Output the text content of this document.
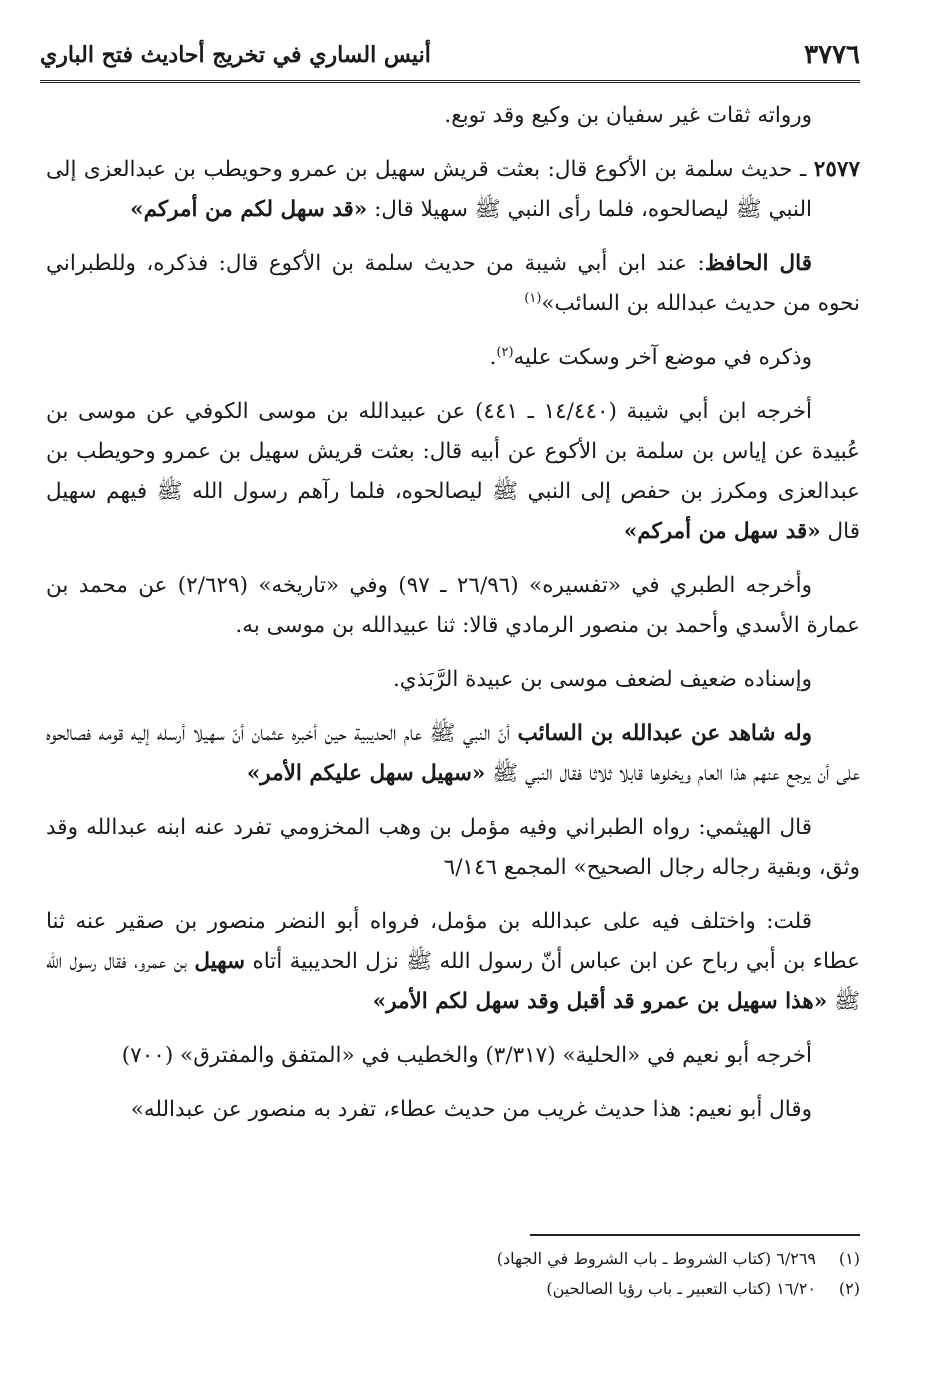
٣٧٧٦
أنيس الساري في تخريج أحاديث فتح الباري

ورواته ثقات غير سفيان بن وكيع وقد توبع.

٢٥٧٧ ـ حديث سلمة بن الأكوع قال: بعثت قريش سهيل بن عمرو وحويطب بن عبدالعزى إلى النبي ﷺ ليصالحوه، فلما رأى النبي ﷺ سهيلا قال: «قد سهل لكم من أمركم»

قال الحافظ: عند ابن أبي شيبة من حديث سلمة بن الأكوع قال: فذكره، وللطبراني نحوه من حديث عبدالله بن السائب»$^{(١)}$

وذكره في موضع آخر وسكت عليه$^{(٢)}$.

أخرجه ابن أبي شيبة (١٤/٤٤٠ ـ ٤٤١) عن عبيدالله بن موسى الكوفي عن موسى بن عُبيدة عن إياس بن سلمة بن الأكوع عن أبيه قال: بعثت قريش سهيل بن عمرو وحويطب بن عبدالعزى ومكرز بن حفص إلى النبي ﷺ ليصالحوه، فلما رآهم رسول الله ﷺ فيهم سهيل قال «قد سهل من أمركم»

وأخرجه الطبري في «تفسيره» (٢٦/٩٦ ـ ٩٧) وفي «تاريخه» (٢/٦٢٩) عن محمد بن عمارة الأسدي وأحمد بن منصور الرمادي قالا: ثنا عبيدالله بن موسى به.

وإسناده ضعيف لضعف موسى بن عبيدة الرَّبَذي.

وله شاهد عن عبدالله بن السائب أنّ النبي ﷺ عام الحديبية حين أخبره عثمان أنّ سهيلا أرسله إليه قومه فصالحوه على أن يرجع عنهم هذا العام ويخلوها قابلا ثلاثا فقال النبي ﷺ «سهيل سهل عليكم الأمر»

قال الهيثمي: رواه الطبراني وفيه مؤمل بن وهب المخزومي تفرد عنه ابنه عبدالله وقد وثق، وبقية رجاله رجال الصحيح» المجمع ٦/١٤٦

قلت: واختلف فيه على عبدالله بن مؤمل، فرواه أبو النضر منصور بن صقير عنه ثنا عطاء بن أبي رباح عن ابن عباس أنّ رسول الله ﷺ نزل الحديبية أتاه سهيل بن عمرو، فقال رسول الله ﷺ «هذا سهيل بن عمرو قد أقبل وقد سهل لكم الأمر»

أخرجه أبو نعيم في «الحلية» (٣/٣١٧) والخطيب في «المتفق والمفترق» (٧٠٠)

وقال أبو نعيم: هذا حديث غريب من حديث عطاء، تفرد به منصور عن عبدالله»

(١)
٦/٢٦٩ (كتاب الشروط ـ باب الشروط في الجهاد)
(٢)
١٦/٢٠ (كتاب التعبير ـ باب رؤيا الصالحين)
